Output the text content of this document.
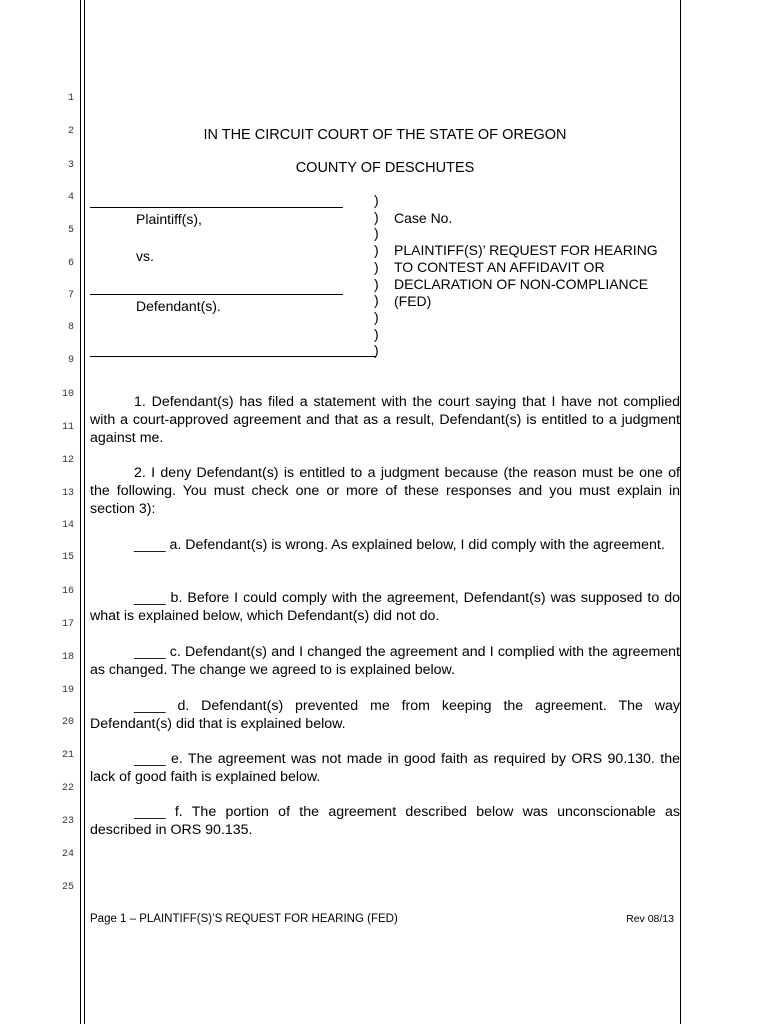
1
2
3
4
5
6
7
8
9
10
11
12
13
14
15
16
17
18
19
20
21
22
23
24
25
IN THE CIRCUIT COURT OF THE STATE OF OREGON
COUNTY OF DESCHUTES
Plaintiff(s),
vs.
Defendant(s).
)
)
)
)
)
)
)
)
)
)
Case No.
PLAINTIFF(S)’ REQUEST FOR HEARING
TO CONTEST AN AFFIDAVIT OR
DECLARATION OF NON-COMPLIANCE
(FED)
1. Defendant(s) has filed a statement with the court saying that I have not complied with a court-approved agreement and that as a result, Defendant(s) is entitled to a judgment against me.
2. I deny Defendant(s) is entitled to a judgment because (the reason must be one of the following. You must check one or more of these responses and you must explain in section 3):
____ a. Defendant(s) is wrong. As explained below, I did comply with the agreement.
____ b. Before I could comply with the agreement, Defendant(s) was supposed to do what is explained below, which Defendant(s) did not do.
____ c. Defendant(s) and I changed the agreement and I complied with the agreement as changed. The change we agreed to is explained below.
____ d. Defendant(s) prevented me from keeping the agreement. The way Defendant(s) did that is explained below.
____ e. The agreement was not made in good faith as required by ORS 90.130. the lack of good faith is explained below.
____ f. The portion of the agreement described below was unconscionable as described in ORS 90.135.
Page 1 – PLAINTIFF(S)’S REQUEST FOR HEARING (FED)	Rev 08/13
